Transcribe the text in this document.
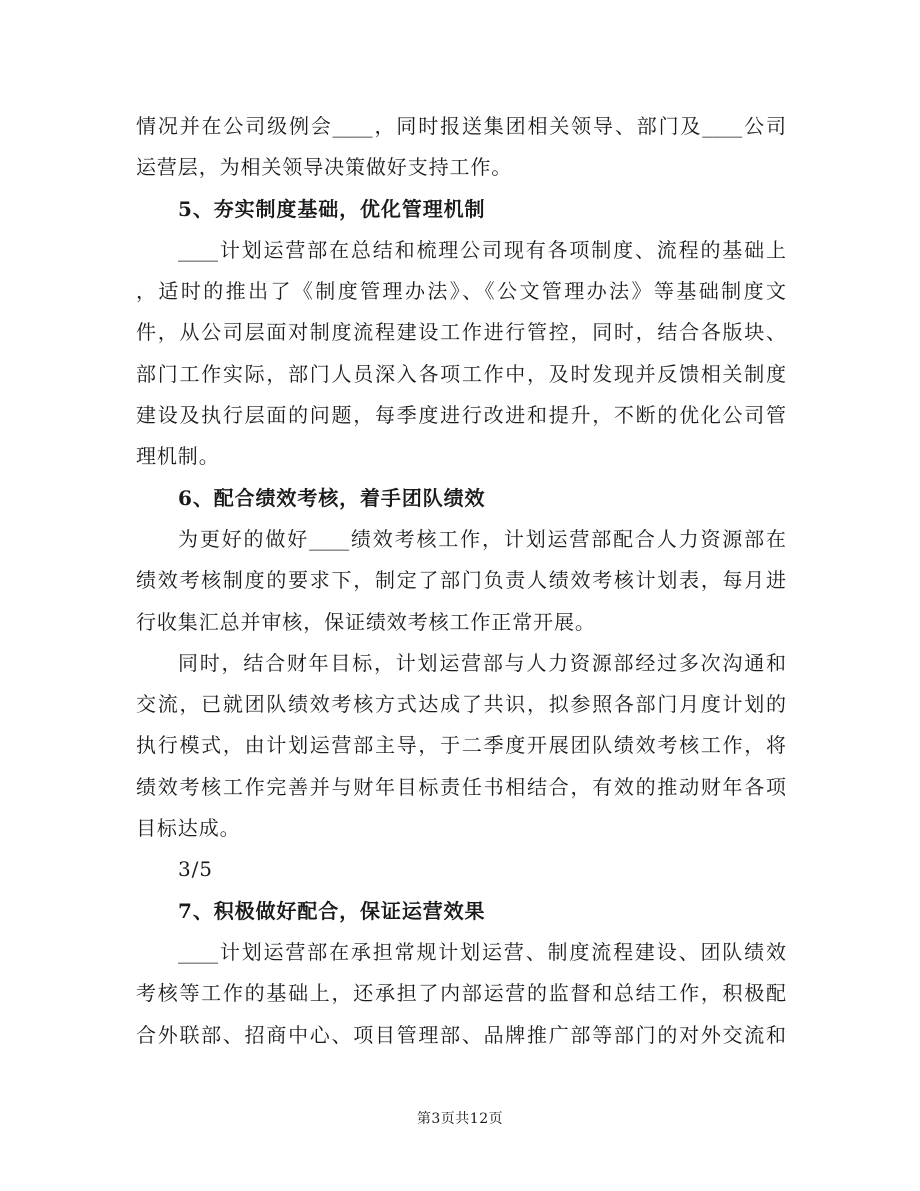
情况并在公司级例会____，同时报送集团相关领导、部门及____公司
运营层，为相关领导决策做好支持工作。
5、夯实制度基础，优化管理机制
____计划运营部在总结和梳理公司现有各项制度、流程的基础上
，适时的推出了《制度管理办法》、《公文管理办法》等基础制度文
件，从公司层面对制度流程建设工作进行管控，同时，结合各版块、
部门工作实际，部门人员深入各项工作中，及时发现并反馈相关制度
建设及执行层面的问题，每季度进行改进和提升，不断的优化公司管
理机制。
6、配合绩效考核，着手团队绩效
为更好的做好____绩效考核工作，计划运营部配合人力资源部在
绩效考核制度的要求下，制定了部门负责人绩效考核计划表，每月进
行收集汇总并审核，保证绩效考核工作正常开展。
同时，结合财年目标，计划运营部与人力资源部经过多次沟通和
交流，已就团队绩效考核方式达成了共识，拟参照各部门月度计划的
执行模式，由计划运营部主导，于二季度开展团队绩效考核工作，将
绩效考核工作完善并与财年目标责任书相结合，有效的推动财年各项
目标达成。
3/5
7、积极做好配合，保证运营效果
____计划运营部在承担常规计划运营、制度流程建设、团队绩效
考核等工作的基础上，还承担了内部运营的监督和总结工作，积极配
合外联部、招商中心、项目管理部、品牌推广部等部门的对外交流和
第3页共12页
